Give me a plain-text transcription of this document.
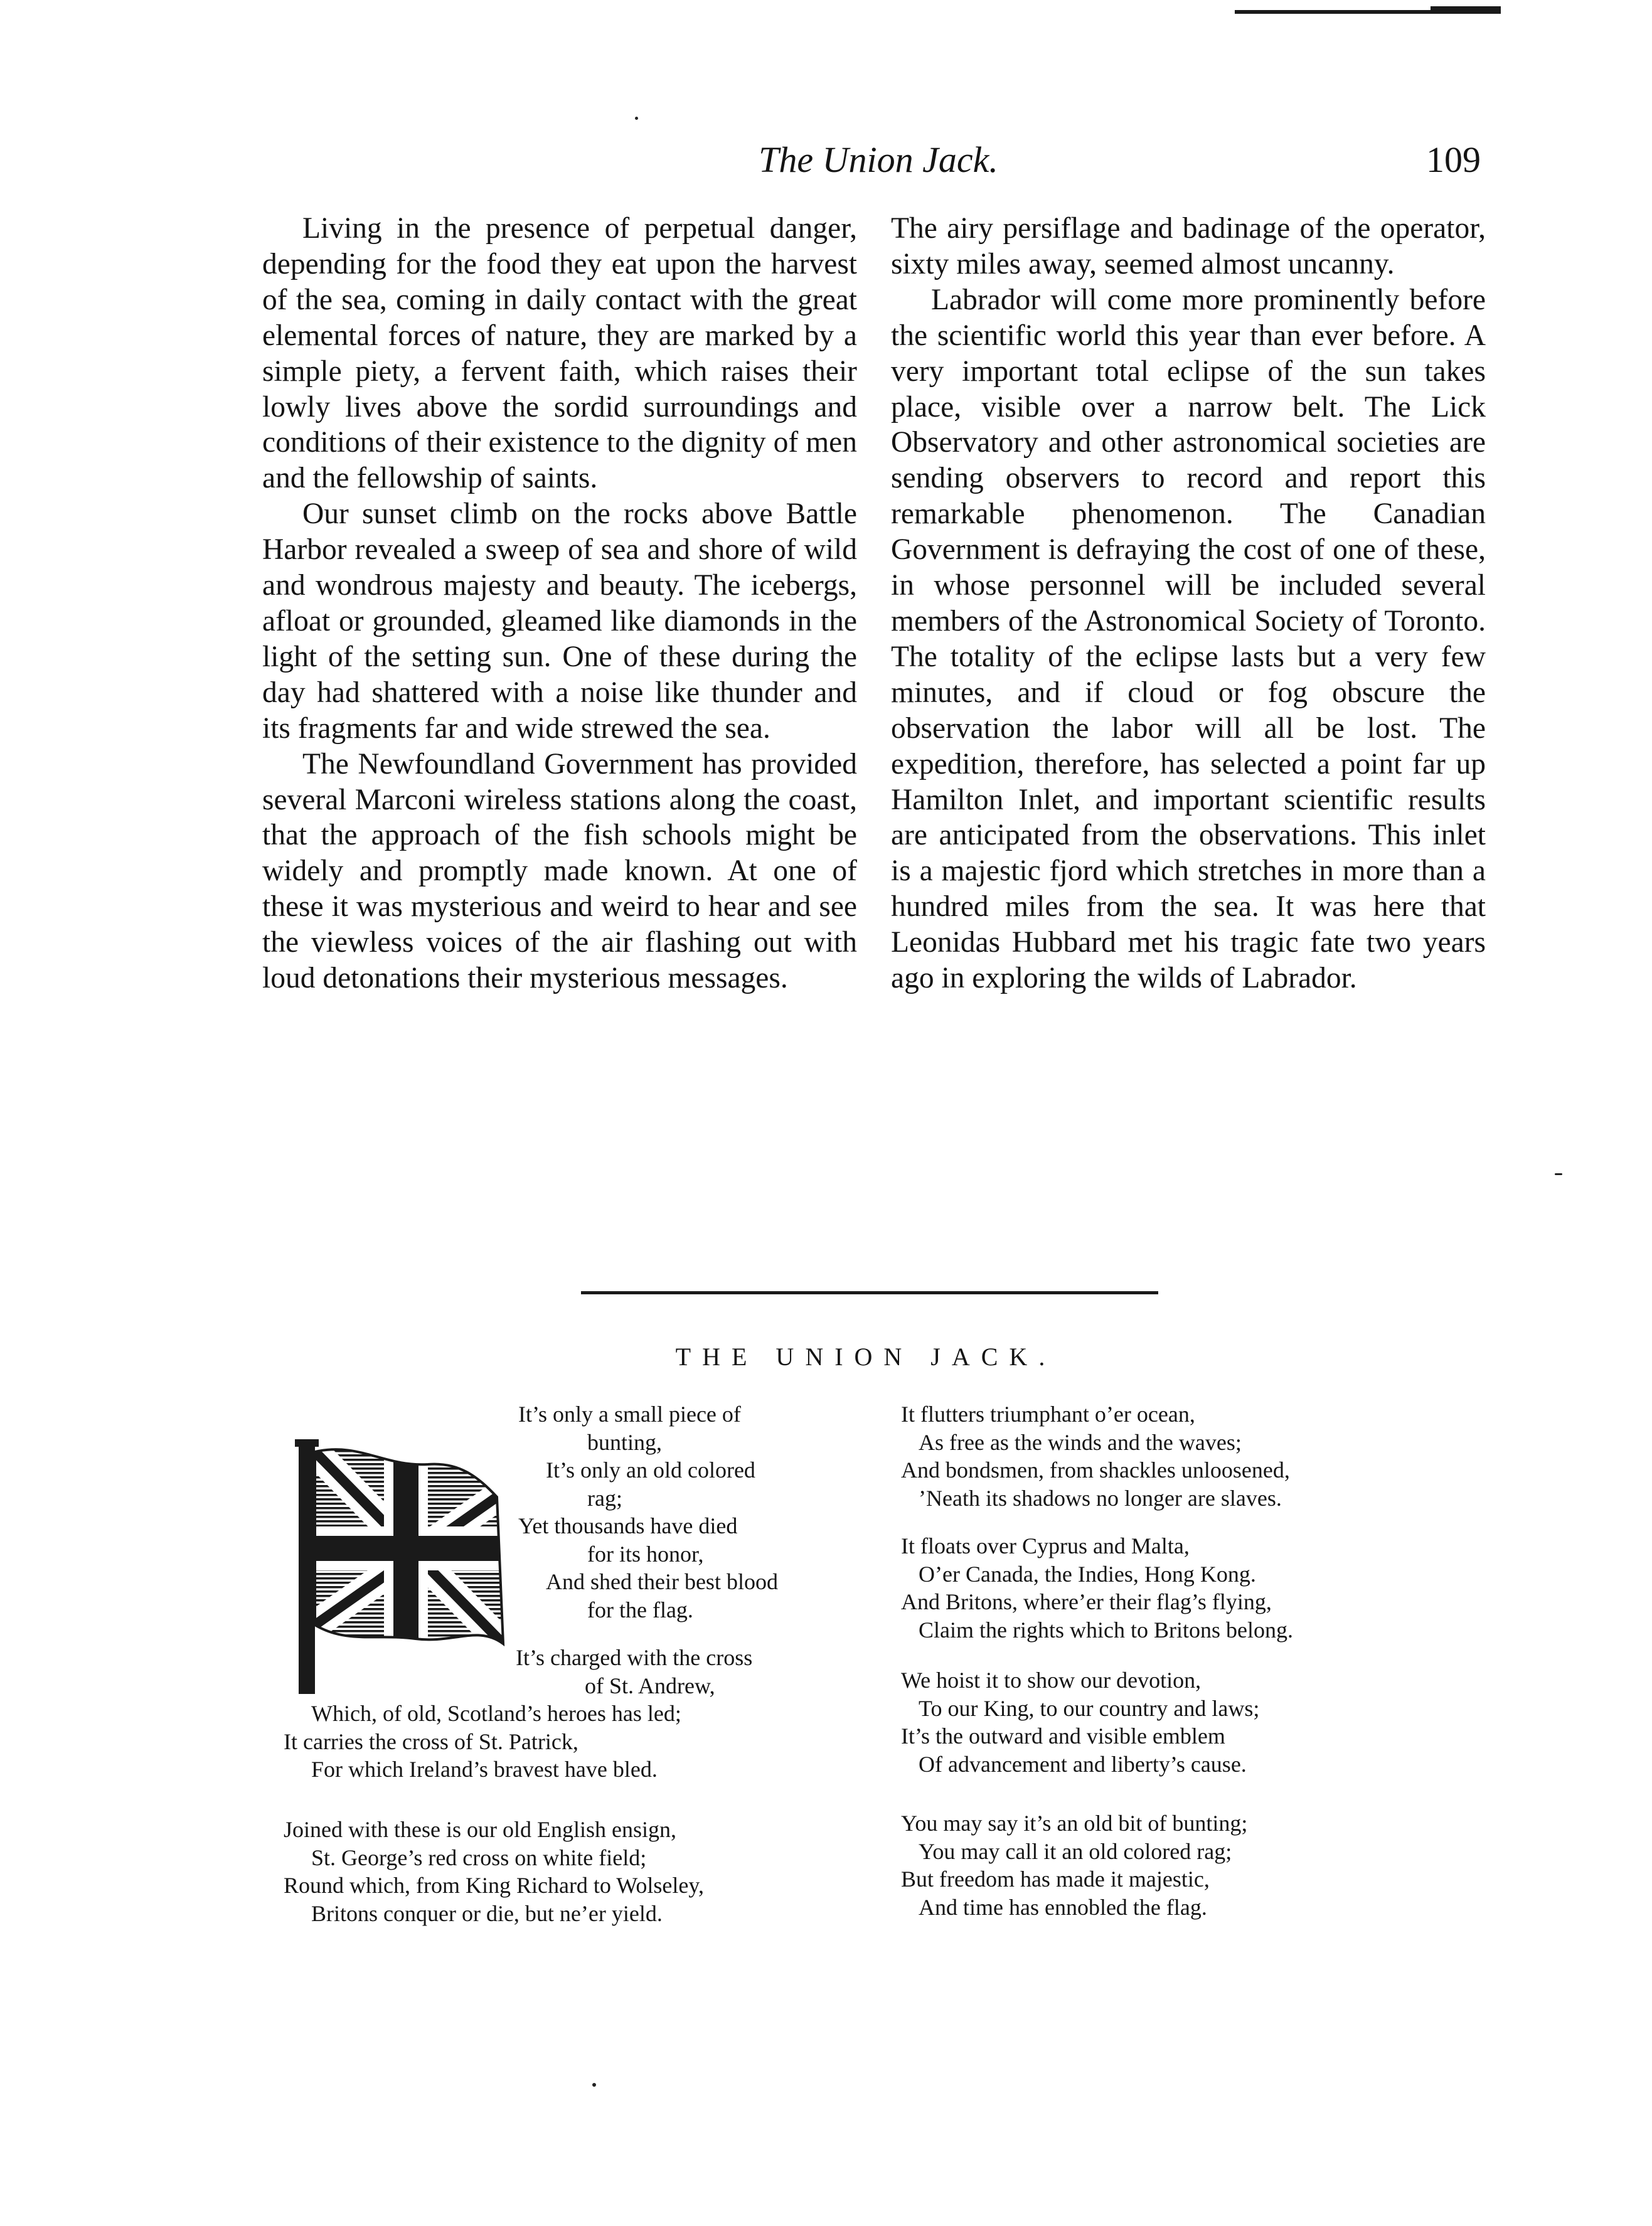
The Union Jack.	109

Living in the presence of perpetual danger, depending for the food they eat upon the harvest of the sea, coming in daily contact with the great elemental forces of nature, they are marked by a simple piety, a fervent faith, which raises their lowly lives above the sordid surroundings and conditions of their existence to the dignity of men and the fellowship of saints.

Our sunset climb on the rocks above Battle Harbor revealed a sweep of sea and shore of wild and wondrous majesty and beauty. The icebergs, afloat or grounded, gleamed like diamonds in the light of the setting sun. One of these during the day had shattered with a noise like thunder and its fragments far and wide strewed the sea.

The Newfoundland Government has provided several Marconi wireless stations along the coast, that the approach of the fish schools might be widely and promptly made known. At one of these it was mysterious and weird to hear and see the viewless voices of the air flashing out with loud detonations their mysterious messages.

The airy persiflage and badinage of the operator, sixty miles away, seemed almost uncanny.

Labrador will come more prominently before the scientific world this year than ever before. A very important total eclipse of the sun takes place, visible over a narrow belt. The Lick Observatory and other astronomical societies are sending observers to record and report this remarkable phenomenon. The Canadian Government is defraying the cost of one of these, in whose personnel will be included several members of the Astronomical Society of Toronto. The totality of the eclipse lasts but a very few minutes, and if cloud or fog obscure the observation the labor will all be lost. The expedition, therefore, has selected a point far up Hamilton Inlet, and important scientific results are anticipated from the observations. This inlet is a majestic fjord which stretches in more than a hundred miles from the sea. It was here that Leonidas Hubbard met his tragic fate two years ago in exploring the wilds of Labrador.

THE UNION JACK.
It’s only a small piece of
bunting,
It’s only an old colored
rag;
Yet thousands have died
for its honor,
And shed their best blood
for the flag.
It’s charged with the cross
of St. Andrew,
Which, of old, Scotland’s heroes has led;
It carries the cross of St. Patrick,
For which Ireland’s bravest have bled.
Joined with these is our old English ensign,
St. George’s red cross on white field;
Round which, from King Richard to Wolseley,
Britons conquer or die, but ne’er yield.
It flutters triumphant o’er ocean,
As free as the winds and the waves;
And bondsmen, from shackles unloosened,
’Neath its shadows no longer are slaves.
It floats over Cyprus and Malta,
O’er Canada, the Indies, Hong Kong.
And Britons, where’er their flag’s flying,
Claim the rights which to Britons belong.
We hoist it to show our devotion,
To our King, to our country and laws;
It’s the outward and visible emblem
Of advancement and liberty’s cause.
You may say it’s an old bit of bunting;
You may call it an old colored rag;
But freedom has made it majestic,
And time has ennobled the flag.
